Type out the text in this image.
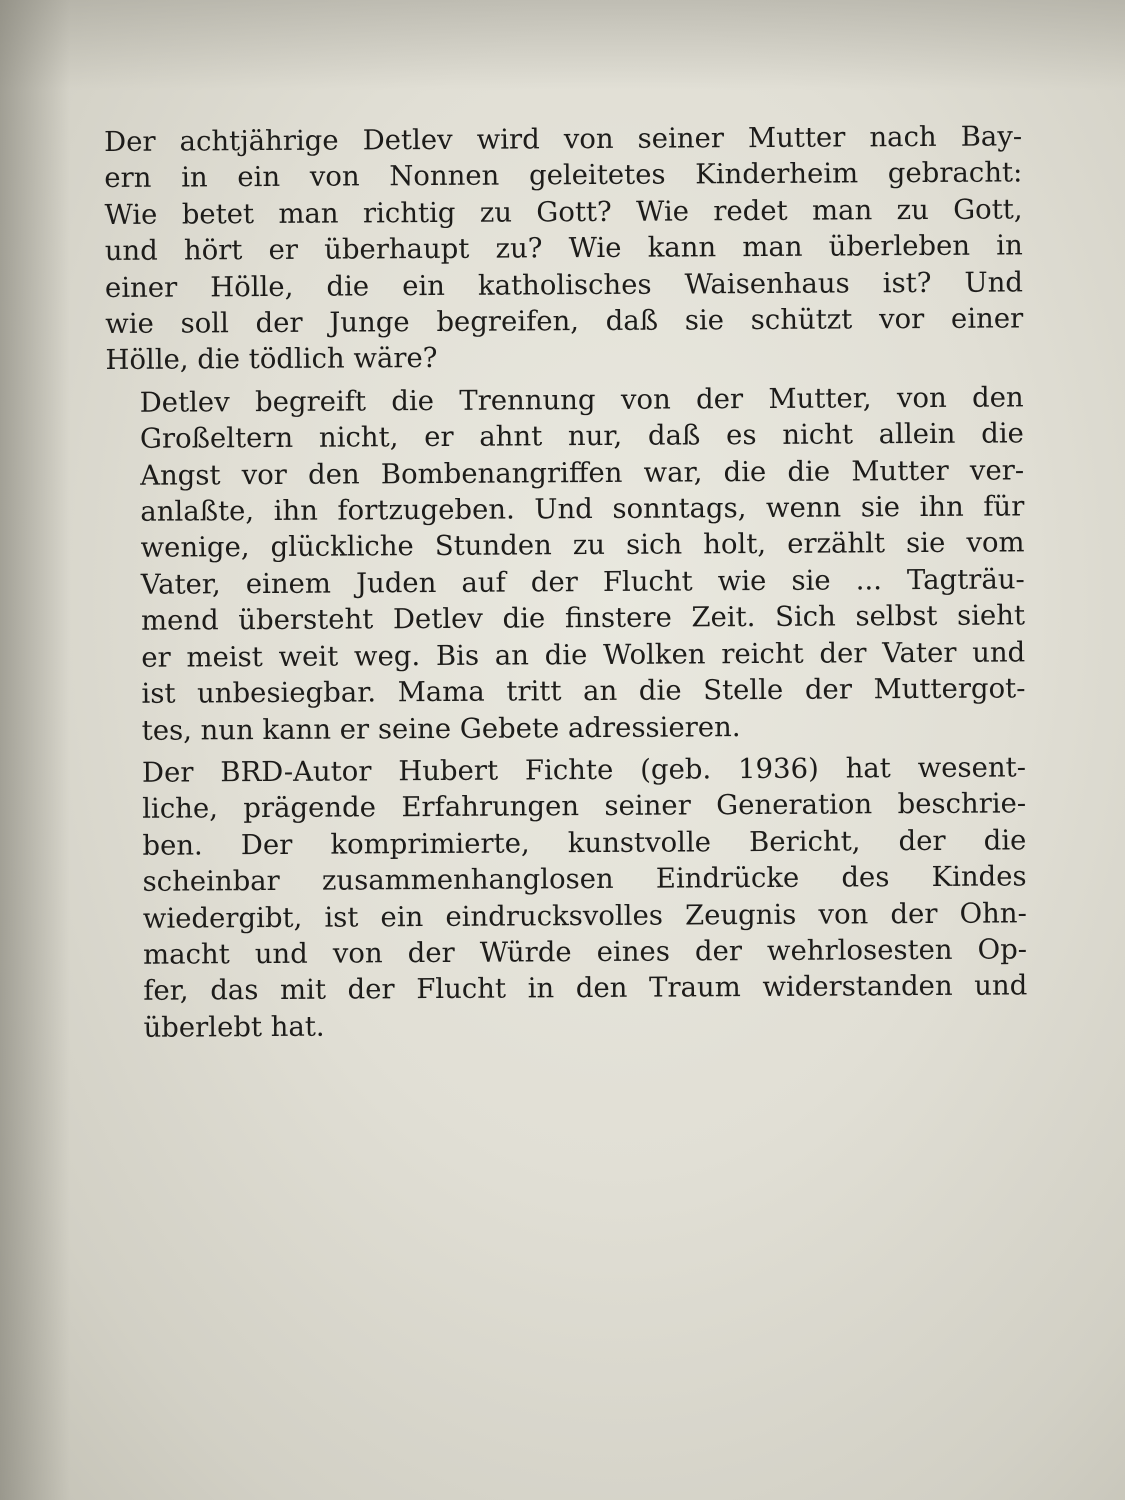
Der achtjährige Detlev wird von seiner Mutter nach Bay-
ern in ein von Nonnen geleitetes Kinderheim gebracht:
Wie betet man richtig zu Gott? Wie redet man zu Gott,
und hört er überhaupt zu? Wie kann man überleben in
einer Hölle, die ein katholisches Waisenhaus ist? Und
wie soll der Junge begreifen, daß sie schützt vor einer
Hölle, die tödlich wäre?

Detlev begreift die Trennung von der Mutter, von den
Großeltern nicht, er ahnt nur, daß es nicht allein die
Angst vor den Bombenangriffen war, die die Mutter ver-
anlaßte, ihn fortzugeben. Und sonntags, wenn sie ihn für
wenige, glückliche Stunden zu sich holt, erzählt sie vom
Vater, einem Juden auf der Flucht wie sie ... Tagträu-
mend übersteht Detlev die finstere Zeit. Sich selbst sieht
er meist weit weg. Bis an die Wolken reicht der Vater und
ist unbesiegbar. Mama tritt an die Stelle der Muttergot-
tes, nun kann er seine Gebete adressieren.

Der BRD-Autor Hubert Fichte (geb. 1936) hat wesent-
liche, prägende Erfahrungen seiner Generation beschrie-
ben. Der komprimierte, kunstvolle Bericht, der die
scheinbar zusammenhanglosen Eindrücke des Kindes
wiedergibt, ist ein eindrucksvolles Zeugnis von der Ohn-
macht und von der Würde eines der wehrlosesten Op-
fer, das mit der Flucht in den Traum widerstanden und
überlebt hat.
